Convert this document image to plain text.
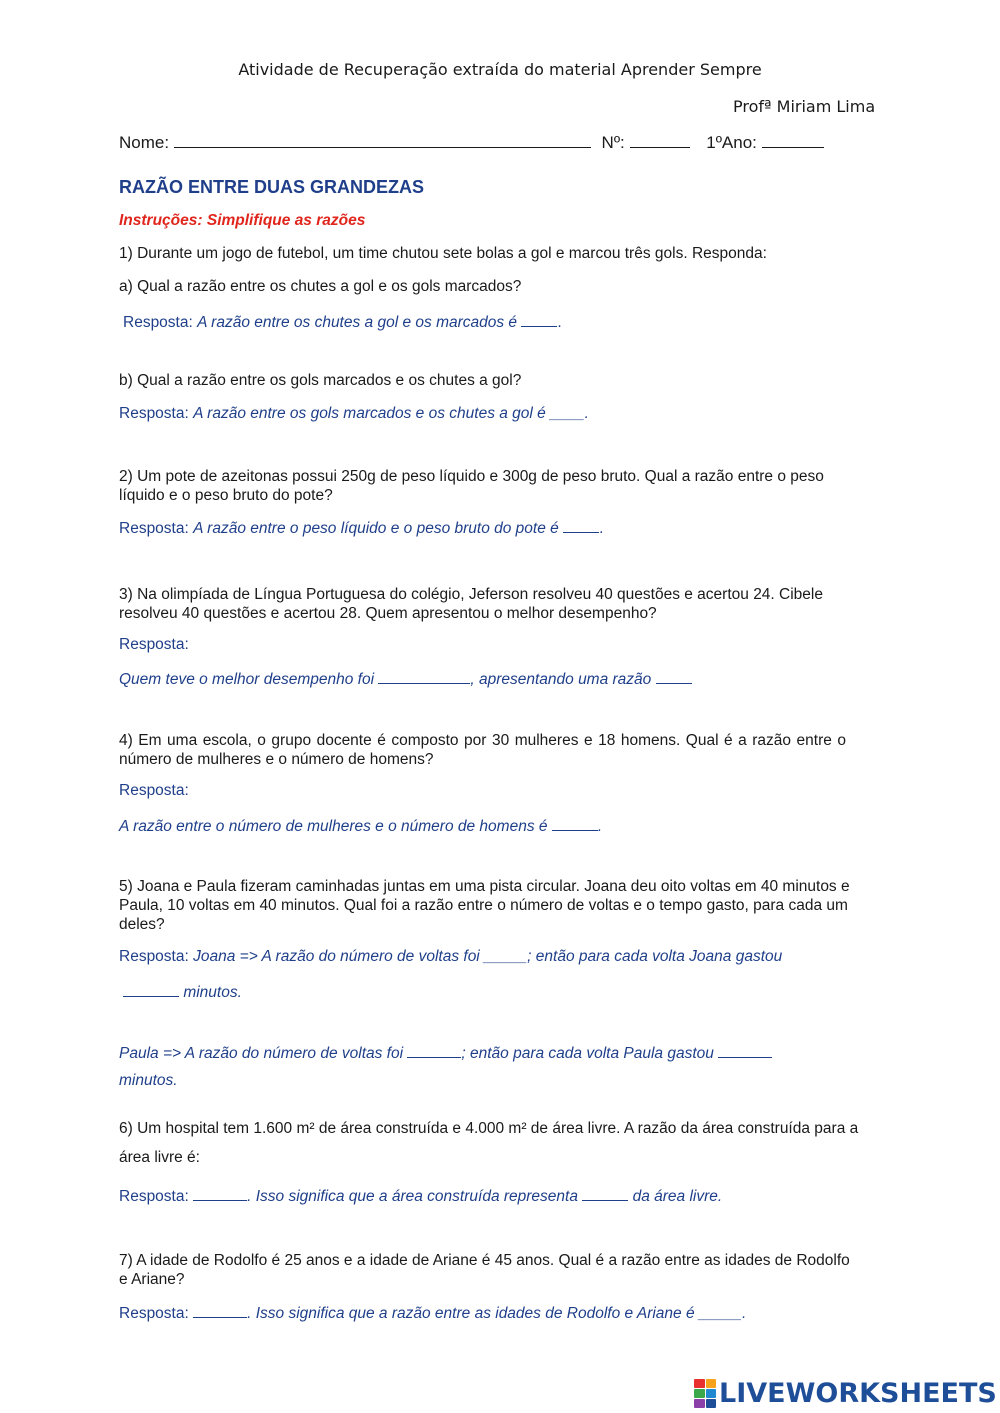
Atividade de Recuperação extraída do material Aprender Sempre
Profª Miriam Lima
Nome:	Nº:	1ºAno:
RAZÃO ENTRE DUAS GRANDEZAS
Instruções: Simplifique as razões
1) Durante um jogo de futebol, um time chutou sete bolas a gol e marcou três gols. Responda:
a) Qual a razão entre os chutes a gol e os gols marcados?
Resposta: A razão entre os chutes a gol e os marcados é	.
b) Qual a razão entre os gols marcados e os chutes a gol?
Resposta: A razão entre os gols marcados e os chutes a gol é ____.
2) Um pote de azeitonas possui 250g de peso líquido e 300g de peso bruto. Qual a razão entre o peso líquido e o peso bruto do pote?
Resposta: A razão entre o peso líquido e o peso bruto do pote é	.
3) Na olimpíada de Língua Portuguesa do colégio, Jeferson resolveu 40 questões e acertou 24. Cibele resolveu 40 questões e acertou 28. Quem apresentou o melhor desempenho?
Resposta:
Quem teve o melhor desempenho foi	, apresentando uma razão
4) Em uma escola, o grupo docente é composto por 30 mulheres e 18 homens. Qual é a razão entre o número de mulheres e o número de homens?
Resposta:
A razão entre o número de mulheres e o número de homens é	.
5) Joana e Paula fizeram caminhadas juntas em uma pista circular. Joana deu oito voltas em 40 minutos e Paula, 10 voltas em 40 minutos. Qual foi a razão entre o número de voltas e o tempo gasto, para cada um deles?
Resposta: Joana => A razão do número de voltas foi _____; então para cada volta Joana gastou
minutos.
Paula => A razão do número de voltas foi	; então para cada volta Paula gastou
minutos.
6) Um hospital tem 1.600 m² de área construída e 4.000 m² de área livre. A razão da área construída para a área livre é:
Resposta:	. Isso significa que a área construída representa	da área livre.
7) A idade de Rodolfo é 25 anos e a idade de Ariane é 45 anos. Qual é a razão entre as idades de Rodolfo e Ariane?
Resposta:	. Isso significa que a razão entre as idades de Rodolfo e Ariane é _____.
LIVEWORKSHEETS
